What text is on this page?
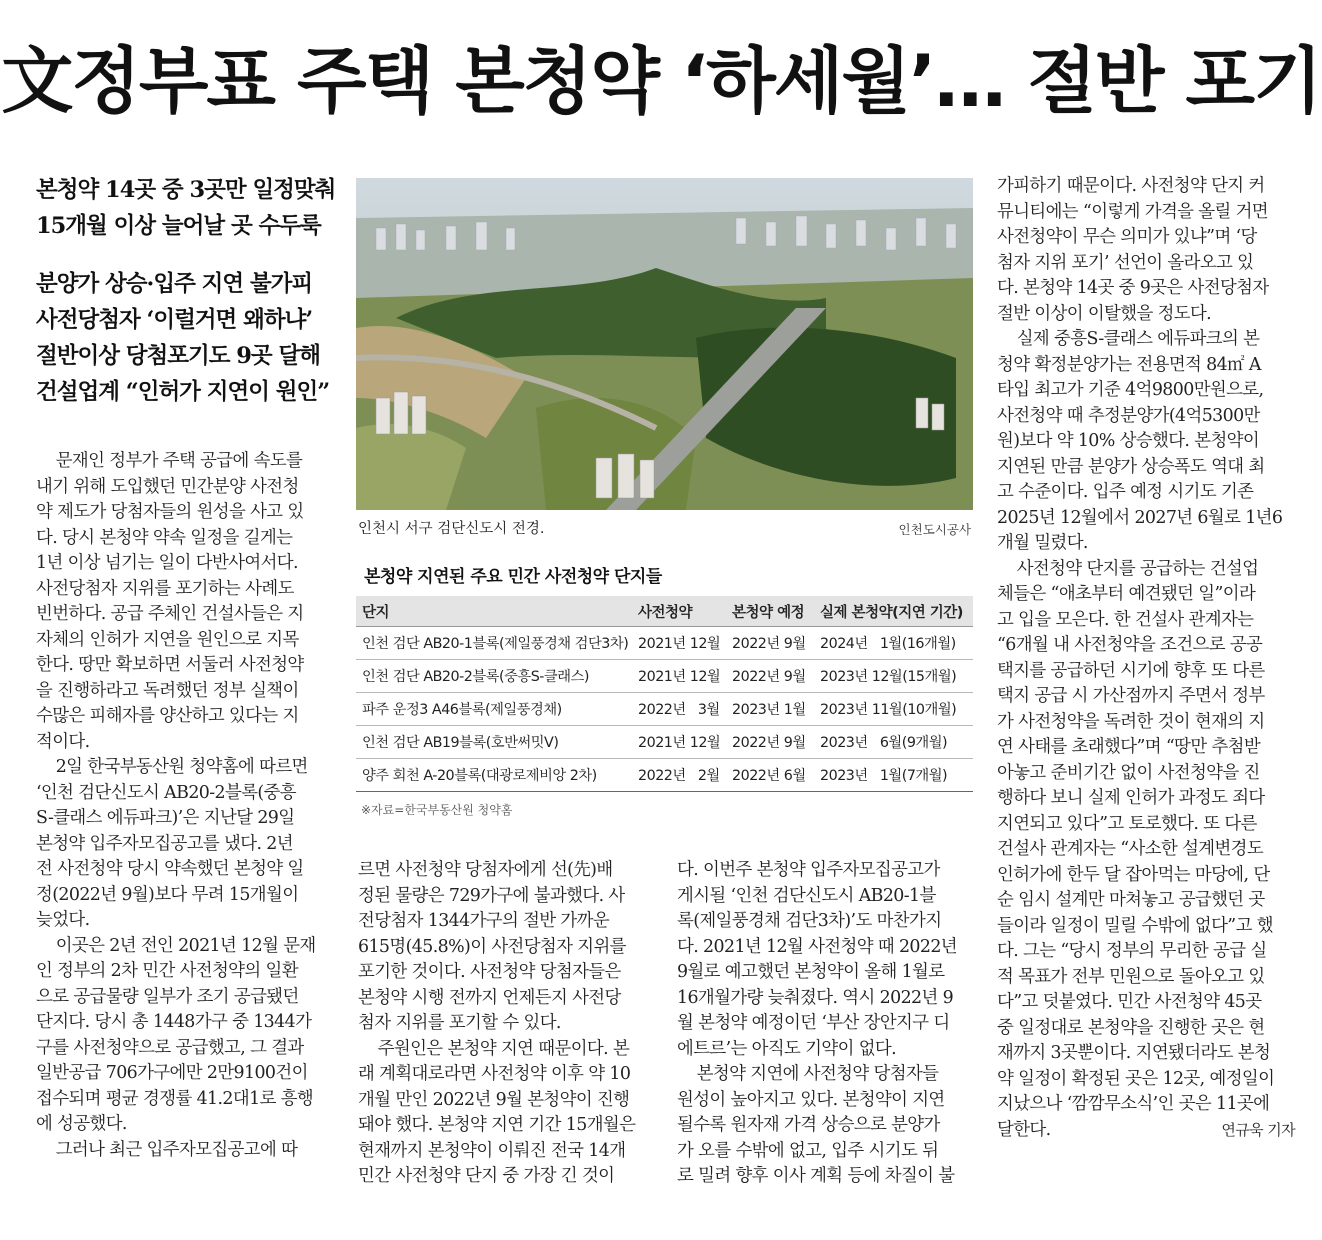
文정부표 주택 본청약 ‘하세월’… 절반 포기
본청약 14곳 중 3곳만 일정맞춰
15개월 이상 늘어날 곳 수두룩
분양가 상승·입주 지연 불가피
사전당첨자 ‘이럴거면 왜하냐’
절반이상 당첨포기도 9곳 달해
건설업계 “인허가 지연이 원인”
문재인 정부가 주택 공급에 속도를
내기 위해 도입했던 민간분양 사전청
약 제도가 당첨자들의 원성을 사고 있
다. 당시 본청약 약속 일정을 길게는
1년 이상 넘기는 일이 다반사여서다.
사전당첨자 지위를 포기하는 사례도
빈번하다. 공급 주체인 건설사들은 지
자체의 인허가 지연을 원인으로 지목
한다. 땅만 확보하면 서둘러 사전청약
을 진행하라고 독려했던 정부 실책이
수많은 피해자를 양산하고 있다는 지
적이다.
2일 한국부동산원 청약홈에 따르면
‘인천 검단신도시 AB20-2블록(중흥
S-클래스 에듀파크)’은 지난달 29일
본청약 입주자모집공고를 냈다. 2년
전 사전청약 당시 약속했던 본청약 일
정(2022년 9월)보다 무려 15개월이
늦었다.
이곳은 2년 전인 2021년 12월 문재
인 정부의 2차 민간 사전청약의 일환
으로 공급물량 일부가 조기 공급됐던
단지다. 당시 총 1448가구 중 1344가
구를 사전청약으로 공급했고, 그 결과
일반공급 706가구에만 2만9100건이
접수되며 평균 경쟁률 41.2대1로 흥행
에 성공했다.
그러나 최근 입주자모집공고에 따
르면 사전청약 당첨자에게 선(先)배
정된 물량은 729가구에 불과했다. 사
전당첨자 1344가구의 절반 가까운
615명(45.8%)이 사전당첨자 지위를
포기한 것이다. 사전청약 당첨자들은
본청약 시행 전까지 언제든지 사전당
첨자 지위를 포기할 수 있다.
주원인은 본청약 지연 때문이다. 본
래 계획대로라면 사전청약 이후 약 10
개월 만인 2022년 9월 본청약이 진행
돼야 했다. 본청약 지연 기간 15개월은
현재까지 본청약이 이뤄진 전국 14개
민간 사전청약 단지 중 가장 긴 것이
다. 이번주 본청약 입주자모집공고가
게시될 ‘인천 검단신도시 AB20-1블
록(제일풍경채 검단3차)’도 마찬가지
다. 2021년 12월 사전청약 때 2022년
9월로 예고했던 본청약이 올해 1월로
16개월가량 늦춰졌다. 역시 2022년 9
월 본청약 예정이던 ‘부산 장안지구 디
에트르’는 아직도 기약이 없다.
본청약 지연에 사전청약 당첨자들
원성이 높아지고 있다. 본청약이 지연
될수록 원자재 가격 상승으로 분양가
가 오를 수밖에 없고, 입주 시기도 뒤
로 밀려 향후 이사 계획 등에 차질이 불
가피하기 때문이다. 사전청약 단지 커
뮤니티에는 “이렇게 가격을 올릴 거면
사전청약이 무슨 의미가 있냐”며 ‘당
첨자 지위 포기’ 선언이 올라오고 있
다. 본청약 14곳 중 9곳은 사전당첨자
절반 이상이 이탈했을 정도다.
실제 중흥S-클래스 에듀파크의 본
청약 확정분양가는 전용면적 84㎡ A
타입 최고가 기준 4억9800만원으로,
사전청약 때 추정분양가(4억5300만
원)보다 약 10% 상승했다. 본청약이
지연된 만큼 분양가 상승폭도 역대 최
고 수준이다. 입주 예정 시기도 기존
2025년 12월에서 2027년 6월로 1년6
개월 밀렸다.
사전청약 단지를 공급하는 건설업
체들은 “애초부터 예견됐던 일”이라
고 입을 모은다. 한 건설사 관계자는
“6개월 내 사전청약을 조건으로 공공
택지를 공급하던 시기에 향후 또 다른
택지 공급 시 가산점까지 주면서 정부
가 사전청약을 독려한 것이 현재의 지
연 사태를 초래했다”며 “땅만 추첨받
아놓고 준비기간 없이 사전청약을 진
행하다 보니 실제 인허가 과정도 죄다
지연되고 있다”고 토로했다. 또 다른
건설사 관계자는 “사소한 설계변경도
인허가에 한두 달 잡아먹는 마당에, 단
순 임시 설계만 마쳐놓고 공급했던 곳
들이라 일정이 밀릴 수밖에 없다”고 했
다. 그는 “당시 정부의 무리한 공급 실
적 목표가 전부 민원으로 돌아오고 있
다”고 덧붙였다. 민간 사전청약 45곳
중 일정대로 본청약을 진행한 곳은 현
재까지 3곳뿐이다. 지연됐더라도 본청
약 일정이 확정된 곳은 12곳, 예정일이
지났으나 ‘깜깜무소식’인 곳은 11곳에
달한다.	연규욱 기자
인천시 서구 검단신도시 전경.	인천도시공사
본청약 지연된 주요 민간 사전청약 단지들
단지	사전청약	본청약 예정	실제 본청약(지연 기간)
인천 검단 AB20-1블록(제일풍경채 검단3차)	2021년 12월	2022년 9월	2024년   1월(16개월)
인천 검단 AB20-2블록(중흥S-클래스)	2021년 12월	2022년 9월	2023년 12월(15개월)
파주 운정3 A46블록(제일풍경채)	2022년   3월	2023년 1월	2023년 11월(10개월)
인천 검단 AB19블록(호반써밋V)	2021년 12월	2022년 9월	2023년   6월(9개월)
양주 회천 A-20블록(대광로제비앙 2차)	2022년   2월	2022년 6월	2023년   1월(7개월)
※자료=한국부동산원 청약홈
